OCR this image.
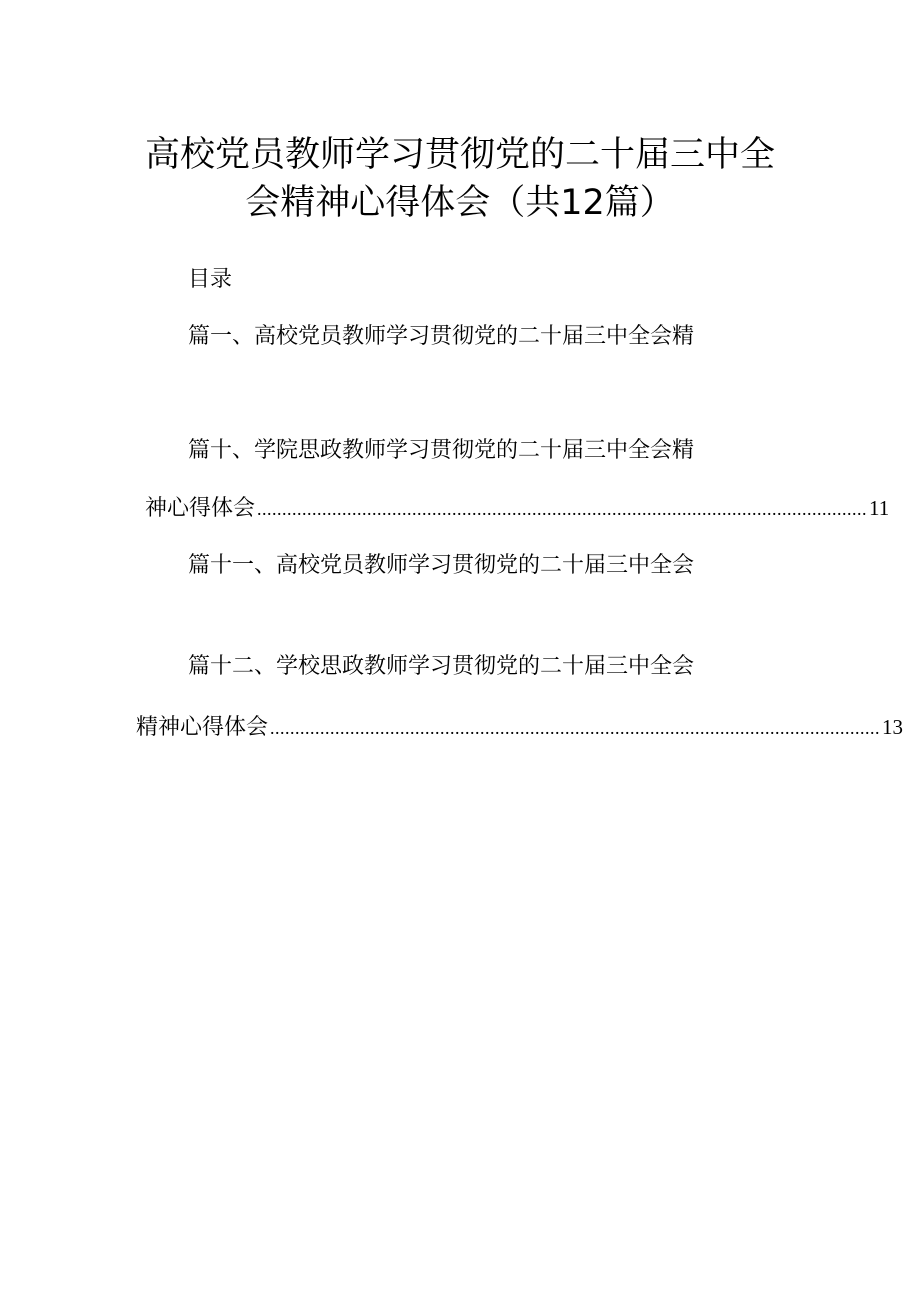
高校党员教师学习贯彻党的二十届三中全
会精神心得体会（共12篇）
目录
篇一、高校党员教师学习贯彻党的二十届三中全会精
篇十、学院思政教师学习贯彻党的二十届三中全会精
神心得体会 .......................................................................................................................... 11
篇十一、高校党员教师学习贯彻党的二十届三中全会
篇十二、学校思政教师学习贯彻党的二十届三中全会
精神心得体会 .......................................................................................................................... 13
